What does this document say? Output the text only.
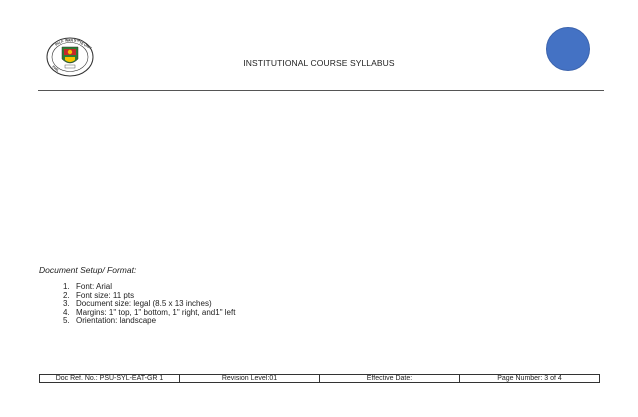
PALA WAN STA
TE UNIV
PHIL
INSTITUTIONAL COURSE SYLLABUS
Document Setup/ Format:
1. Font: Arial
2. Font size: 11 pts
3. Document size: legal (8.5 x 13 inches)
4. Margins: 1" top, 1" bottom, 1" right, and1" left
5. Orientation: landscape
Doc Ref. No.: PSU-SYL-EAT-GR 1	Revision Level:01	Effective Date:	Page Number: 3 of 4
